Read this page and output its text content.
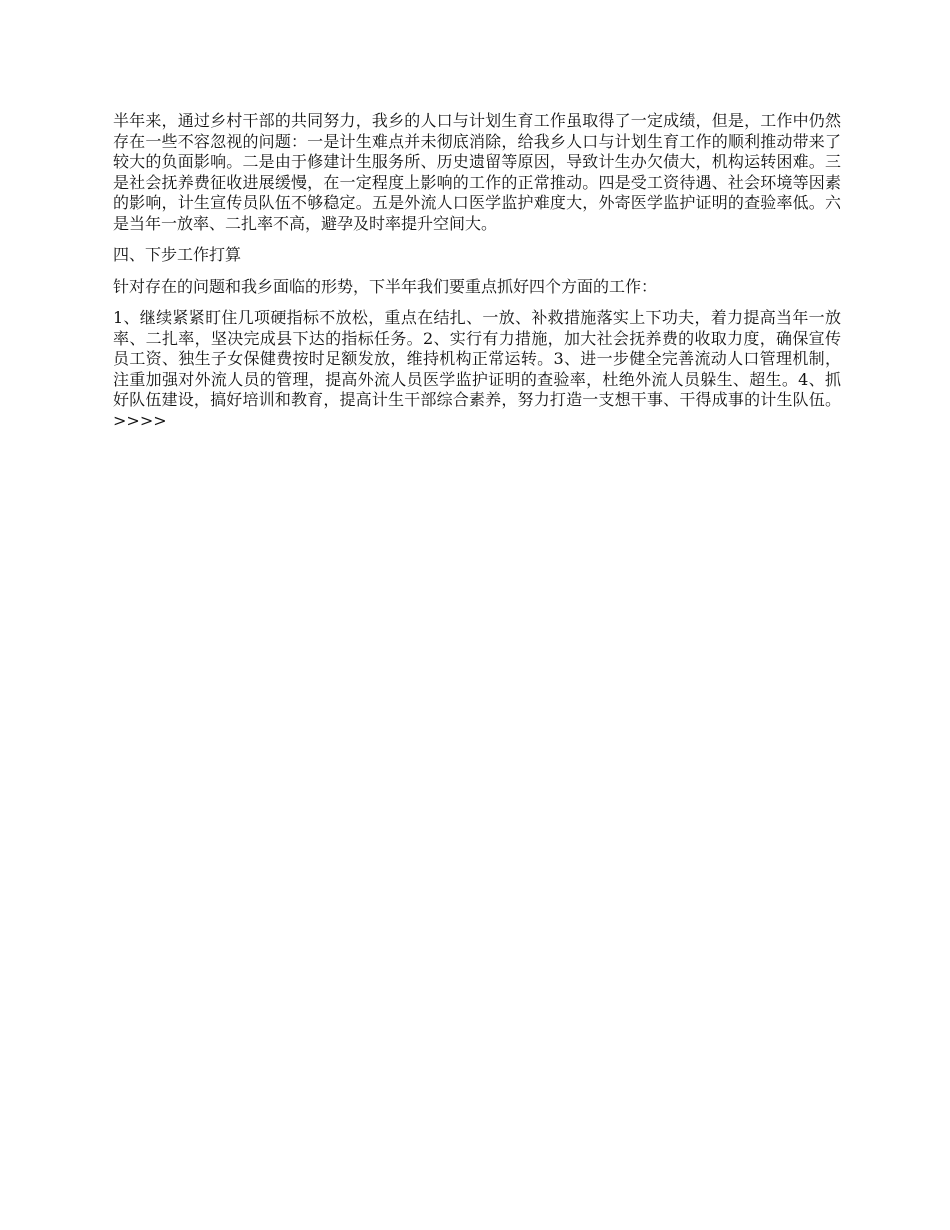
半年来，通过乡村干部的共同努力，我乡的人口与计划生育工作虽取得了一定成绩，但是，工作中仍然存在一些不容忽视的问题：一是计生难点并未彻底消除，给我乡人口与计划生育工作的顺利推动带来了较大的负面影响。二是由于修建计生服务所、历史遗留等原因，导致计生办欠债大，机构运转困难。三是社会抚养费征收进展缓慢，在一定程度上影响的工作的正常推动。四是受工资待遇、社会环境等因素的影响，计生宣传员队伍不够稳定。五是外流人口医学监护难度大，外寄医学监护证明的查验率低。六是当年一放率、二扎率不高，避孕及时率提升空间大。

四、下步工作打算

针对存在的问题和我乡面临的形势，下半年我们要重点抓好四个方面的工作：

1、继续紧紧盯住几项硬指标不放松，重点在结扎、一放、补救措施落实上下功夫，着力提高当年一放率、二扎率，坚决完成县下达的指标任务。2、实行有力措施，加大社会抚养费的收取力度，确保宣传员工资、独生子女保健费按时足额发放，维持机构正常运转。3、进一步健全完善流动人口管理机制，注重加强对外流人员的管理，提高外流人员医学监护证明的查验率，杜绝外流人员躲生、超生。4、抓好队伍建设，搞好培训和教育，提高计生干部综合素养，努力打造一支想干事、干得成事的计生队伍。>>>>
